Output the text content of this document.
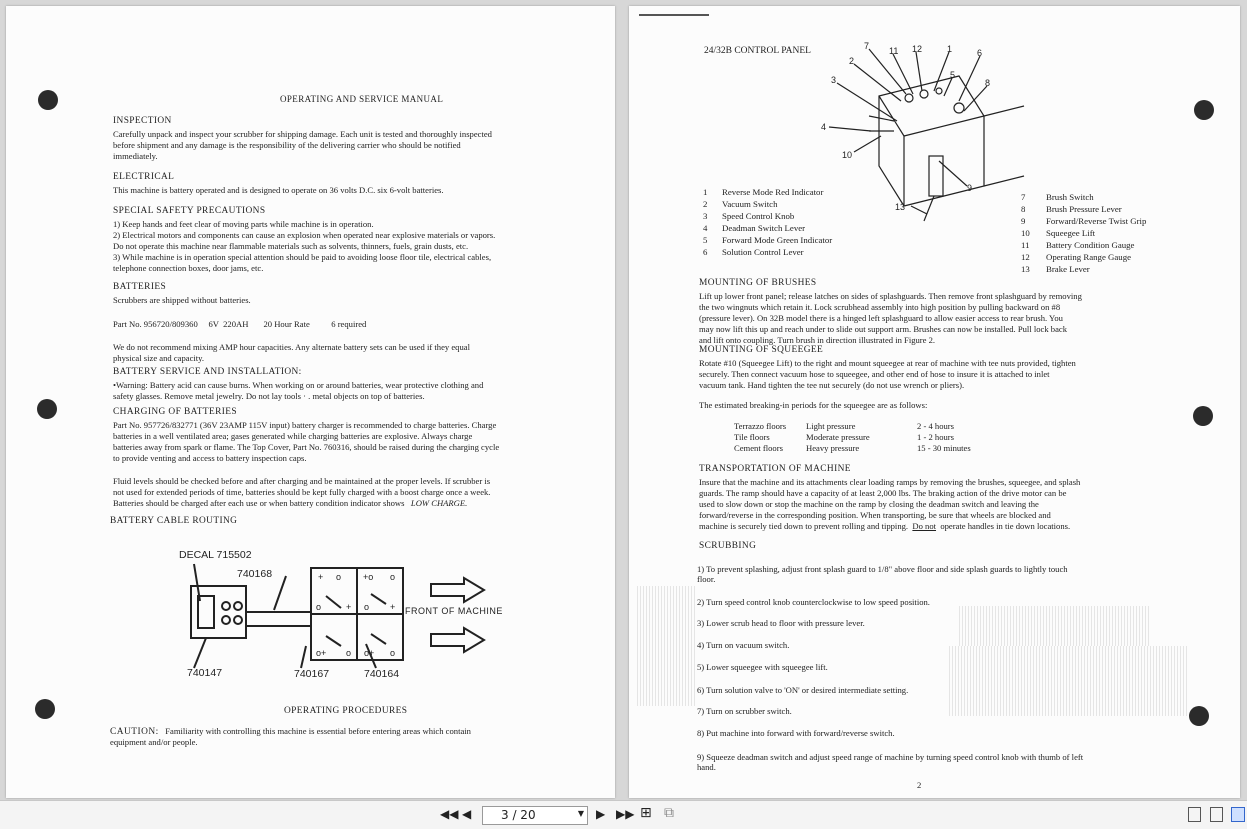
OPERATING AND SERVICE MANUAL
INSPECTION
Carefully unpack and inspect your scrubber for shipping damage. Each unit is tested and thoroughly inspected
before shipment and any damage is the responsibility of the delivering carrier who should be notified
immediately.
ELECTRICAL
This machine is battery operated and is designed to operate on 36 volts D.C. six 6-volt batteries.
SPECIAL SAFETY PRECAUTIONS
1) Keep hands and feet clear of moving parts while machine is in operation.
2) Electrical motors and components can cause an explosion when operated near explosive materials or vapors.
Do not operate this machine near flammable materials such as solvents, thinners, fuels, grain dusts, etc.
3) While machine is in operation special attention should be paid to avoiding loose floor tile, electrical cables,
telephone connection boxes, door jams, etc.
BATTERIES
Scrubbers are shipped without batteries.
Part No. 956720/809360     6V  220AH       20 Hour Rate          6 required
We do not recommend mixing AMP hour capacities. Any alternate battery sets can be used if they equal
physical size and capacity.
BATTERY SERVICE AND INSTALLATION:
•Warning: Battery acid can cause burns. When working on or around batteries, wear protective clothing and
safety glasses. Remove metal jewelry. Do not lay tools · . metal objects on top of batteries.
CHARGING OF BATTERIES
Part No. 957726/832771 (36V 23AMP 115V input) battery charger is recommended to charge batteries. Charge
batteries in a well ventilated area; gases generated while charging batteries are explosive. Always charge
batteries away from spark or flame. The Top Cover, Part No. 760316, should be raised during the charging cycle
to provide venting and access to battery inspection caps.
Fluid levels should be checked before and after charging and be maintained at the proper levels. If scrubber is
not used for extended periods of time, batteries should be kept fully charged with a boost charge once a week.
Batteries should be charged after each use or when battery condition indicator shows LOW CHARGE.
BATTERY CABLE ROUTING
+ o +o o
o	+ o +
o+ o o+ o
DECAL 715502
740168
740147	740167	740164
FRONT OF MACHINE
OPERATING PROCEDURES
CAUTION: Familiarity with controlling this machine is essential before entering areas which contain
equipment and/or people.
24/32B CONTROL PANEL	7 11 12	1	6
2
5
8
3
4
10
9
13
1 Reverse Mode Red Indicator
2 Vacuum Switch
3 Speed Control Knob
4 Deadman Switch Lever
5 Forward Mode Green Indicator
6 Solution Control Lever
7 Brush Switch
8 Brush Pressure Lever
9 Forward/Reverse Twist Grip
10 Squeegee Lift
11 Battery Condition Gauge
12 Operating Range Gauge
13 Brake Lever
MOUNTING OF BRUSHES
Lift up lower front panel; release latches on sides of splashguards. Then remove front splashguard by removing
the two wingnuts which retain it. Lock scrubhead assembly into high position by pulling backward on #8
(pressure lever). On 32B model there is a hinged left splashguard to allow easier access to rear brush. You
may now lift this up and reach under to slide out support arm. Brushes can now be installed. Pull lock back
and lift onto coupling. Turn brush in direction illustrated in Figure 2.
MOUNTING OF SQUEEGEE
Rotate #10 (Squeegee Lift) to the right and mount squeegee at rear of machine with tee nuts provided, tighten
securely. Then connect vacuum hose to squeegee, and other end of hose to insure it is attached to inlet
vacuum tank. Hand tighten the tee nut securely (do not use wrench or pliers).
The estimated breaking-in periods for the squeegee are as follows:
Terrazzo floors Light pressure	2 - 4 hours
Tile floors	Moderate pressure	1 - 2 hours
Cement floors	Heavy pressure	15 - 30 minutes
TRANSPORTATION OF MACHINE
Insure that the machine and its attachments clear loading ramps by removing the brushes, squeegee, and splash
guards. The ramp should have a capacity of at least 2,000 lbs. The braking action of the drive motor can be
used to slow down or stop the machine on the ramp by closing the deadman switch and leaving the
forward/reverse in the corresponding position. When transporting, be sure that wheels are blocked and
machine is securely tied down to prevent rolling and tipping. Do not operate handles in tie down locations.
SCRUBBING
1) To prevent splashing, adjust front splash guard to 1/8" above floor and side splash guards to lightly touch
floor.
2) Turn speed control knob counterclockwise to low speed position.
3) Lower scrub head to floor with pressure lever.
4) Turn on vacuum switch.
5) Lower squeegee with squeegee lift.
6) Turn solution valve to 'ON' or desired intermediate setting.
7) Turn on scrubber switch.
8) Put machine into forward with forward/reverse switch.
9) Squeeze deadman switch and adjust speed range of machine by turning speed control knob with thumb of left
hand.
2
◀◀ ◀ 3 / 20	▼ ▶ ▶▶ ⊞ ⧉
